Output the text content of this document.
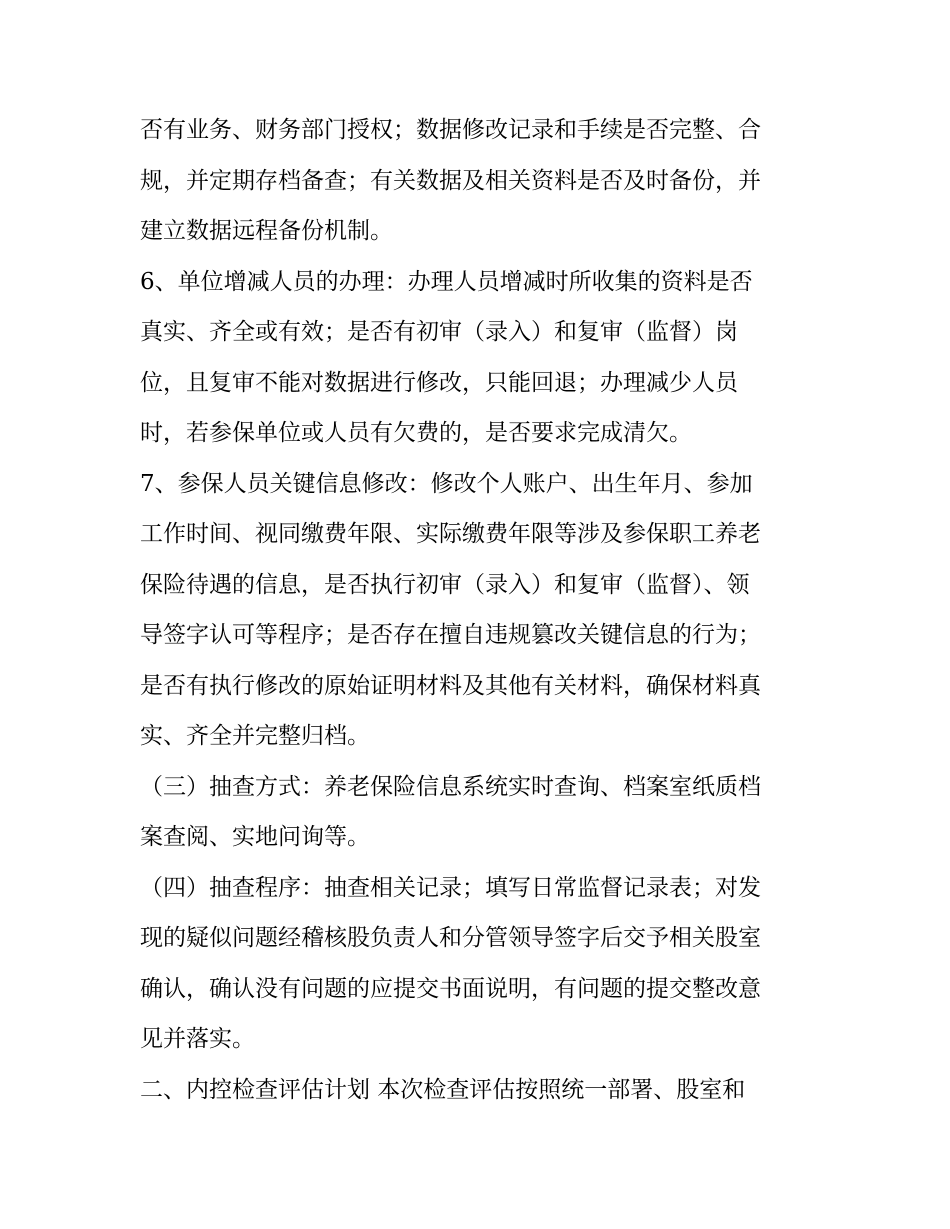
否有业务、财务部门授权；数据修改记录和手续是否完整、合
规，并定期存档备查；有关数据及相关资料是否及时备份，并
建立数据远程备份机制。
6、单位增减人员的办理：办理人员增减时所收集的资料是否
真实、齐全或有效；是否有初审（录入）和复审（监督）岗
位，且复审不能对数据进行修改，只能回退；办理减少人员
时，若参保单位或人员有欠费的，是否要求完成清欠。
7、参保人员关键信息修改：修改个人账户、出生年月、参加
工作时间、视同缴费年限、实际缴费年限等涉及参保职工养老
保险待遇的信息，是否执行初审（录入）和复审（监督）、领
导签字认可等程序；是否存在擅自违规篡改关键信息的行为；
是否有执行修改的原始证明材料及其他有关材料，确保材料真
实、齐全并完整归档。
（三）抽查方式：养老保险信息系统实时查询、档案室纸质档
案查阅、实地问询等。
（四）抽查程序：抽查相关记录；填写日常监督记录表；对发
现的疑似问题经稽核股负责人和分管领导签字后交予相关股室
确认，确认没有问题的应提交书面说明，有问题的提交整改意
见并落实。
二、内控检查评估计划 本次检查评估按照统一部署、股室和
